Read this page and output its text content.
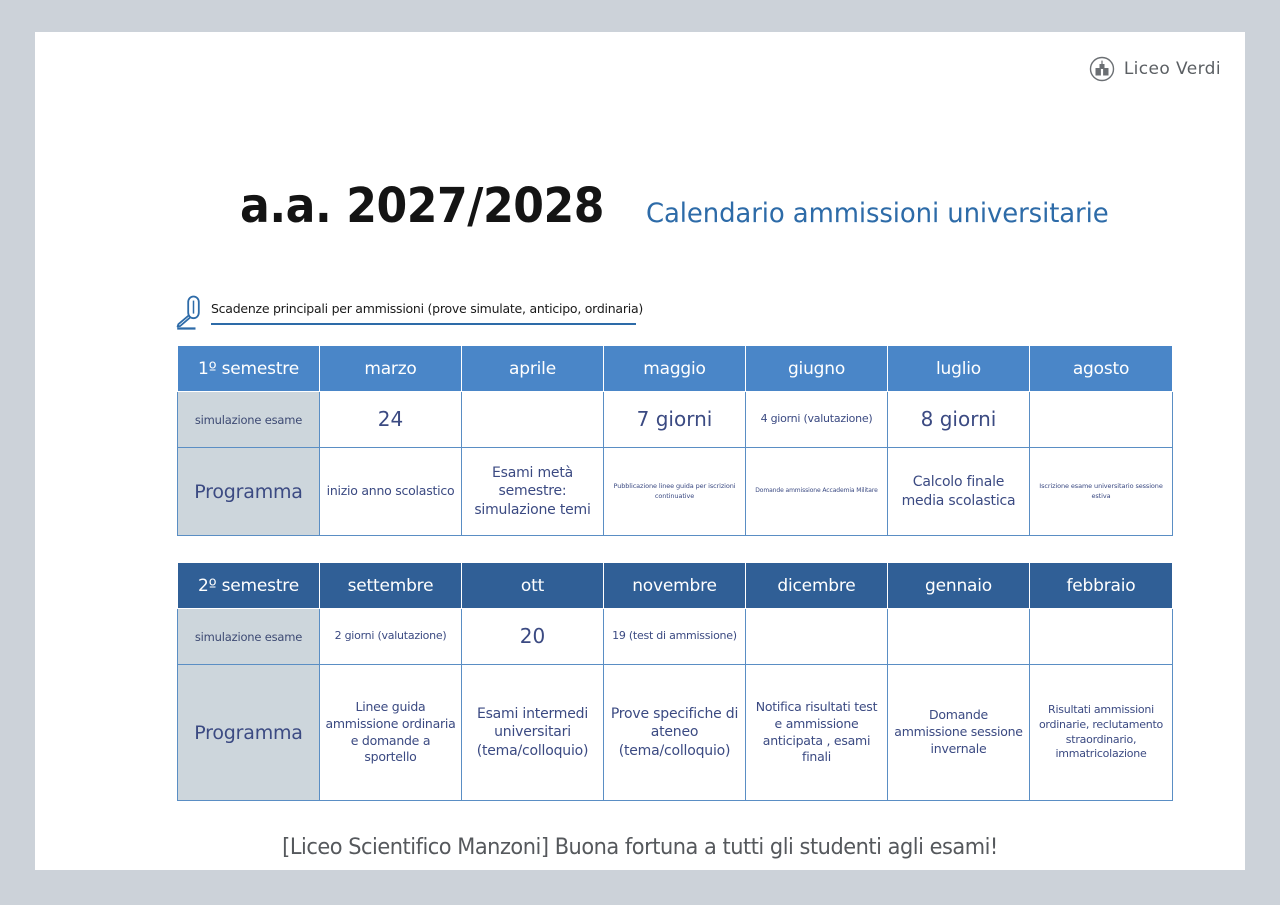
Liceo Verdi
a.a. 2027/2028 Calendario ammissioni universitarie
Scadenze principali per ammissioni (prove simulate, anticipo, ordinaria)
1º semestre	marzo	aprile	maggio	giugno	luglio	agosto
simulazione esame	24		7 giorni	4 giorni (valutazione)	8 giorni	
Programma	inizio anno scolastico	Esami metà semestre: simulazione temi	Pubblicazione linee guida per iscrizioni continuative	Domande ammissione Accademia Militare	Calcolo finale media scolastica	Iscrizione esame universitario sessione estiva
2º semestre	settembre	ott	novembre	dicembre	gennaio	febbraio
simulazione esame	2 giorni (valutazione)	20	19 (test di ammissione)			
Programma	Linee guida ammissione ordinaria e domande a sportello	Esami intermedi universitari (tema/colloquio)	Prove specifiche di ateneo (tema/colloquio)	Notifica risultati test e ammissione anticipata , esami finali	Domande ammissione sessione invernale	Risultati ammissioni ordinarie, reclutamento straordinario, immatricolazione
[Liceo Scientifico Manzoni] Buona fortuna a tutti gli studenti agli esami!
